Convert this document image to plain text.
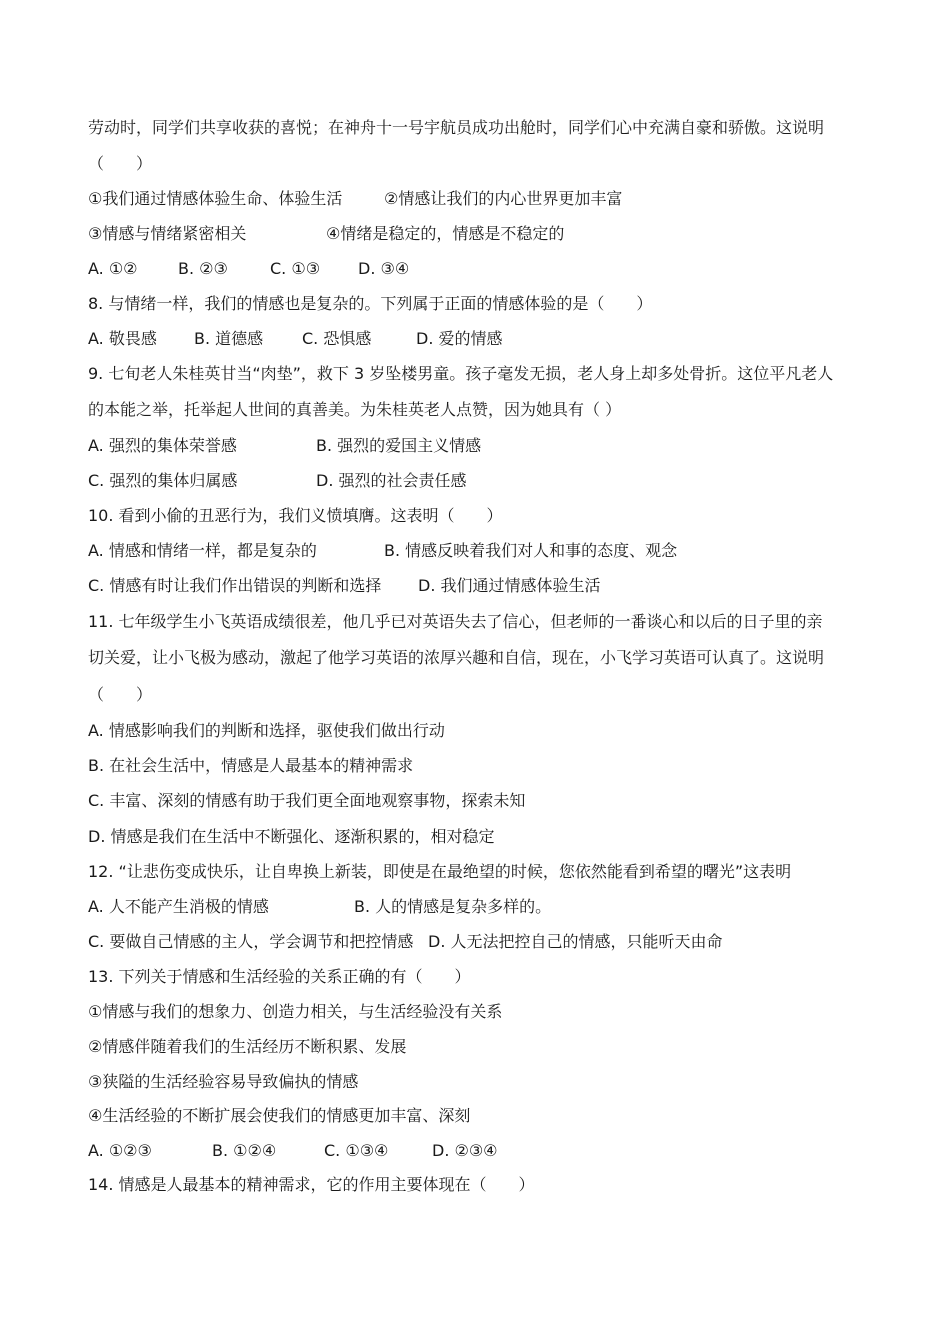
劳动时，同学们共享收获的喜悦；在神舟十一号宇航员成功出舱时，同学们心中充满自豪和骄傲。这说明
（　　）
①我们通过情感体验生命、体验生活	②情感让我们的内心世界更加丰富
③情感与情绪紧密相关	④情绪是稳定的，情感是不稳定的
A. ①②	B. ②③	C. ①③ D. ③④
8. 与情绪一样，我们的情感也是复杂的。下列属于正面的情感体验的是（　　）
A. 敬畏感 B. 道德感 C. 恐惧感	D. 爱的情感
9. 七旬老人朱桂英甘当“肉垫”，救下 3 岁坠楼男童。孩子毫发无损，老人身上却多处骨折。这位平凡老人
的本能之举，托举起人世间的真善美。为朱桂英老人点赞，因为她具有（ ）
A. 强烈的集体荣誉感	B. 强烈的爱国主义情感
C. 强烈的集体归属感	D. 强烈的社会责任感
10. 看到小偷的丑恶行为，我们义愤填膺。这表明（　　）
A. 情感和情绪一样，都是复杂的	B. 情感反映着我们对人和事的态度、观念
C. 情感有时让我们作出错误的判断和选择 D. 我们通过情感体验生活
11. 七年级学生小飞英语成绩很差，他几乎已对英语失去了信心，但老师的一番谈心和以后的日子里的亲
切关爱，让小飞极为感动，激起了他学习英语的浓厚兴趣和自信，现在，小飞学习英语可认真了。这说明
（　　）
A. 情感影响我们的判断和选择，驱使我们做出行动
B. 在社会生活中，情感是人最基本的精神需求
C. 丰富、深刻的情感有助于我们更全面地观察事物，探索未知
D. 情感是我们在生活中不断强化、逐渐积累的，相对稳定
12. “让悲伤变成快乐，让自卑换上新装，即使是在最绝望的时候，您依然能看到希望的曙光”这表明
A. 人不能产生消极的情感	B. 人的情感是复杂多样的。
C. 要做自己情感的主人，学会调节和把控情感 D. 人无法把控自己的情感，只能听天由命
13. 下列关于情感和生活经验的关系正确的有（　　）
①情感与我们的想象力、创造力相关，与生活经验没有关系
②情感伴随着我们的生活经历不断积累、发展
③狭隘的生活经验容易导致偏执的情感
④生活经验的不断扩展会使我们的情感更加丰富、深刻
A. ①②③	B. ①②④	C. ①③④	D. ②③④
14. 情感是人最基本的精神需求，它的作用主要体现在（　　）
